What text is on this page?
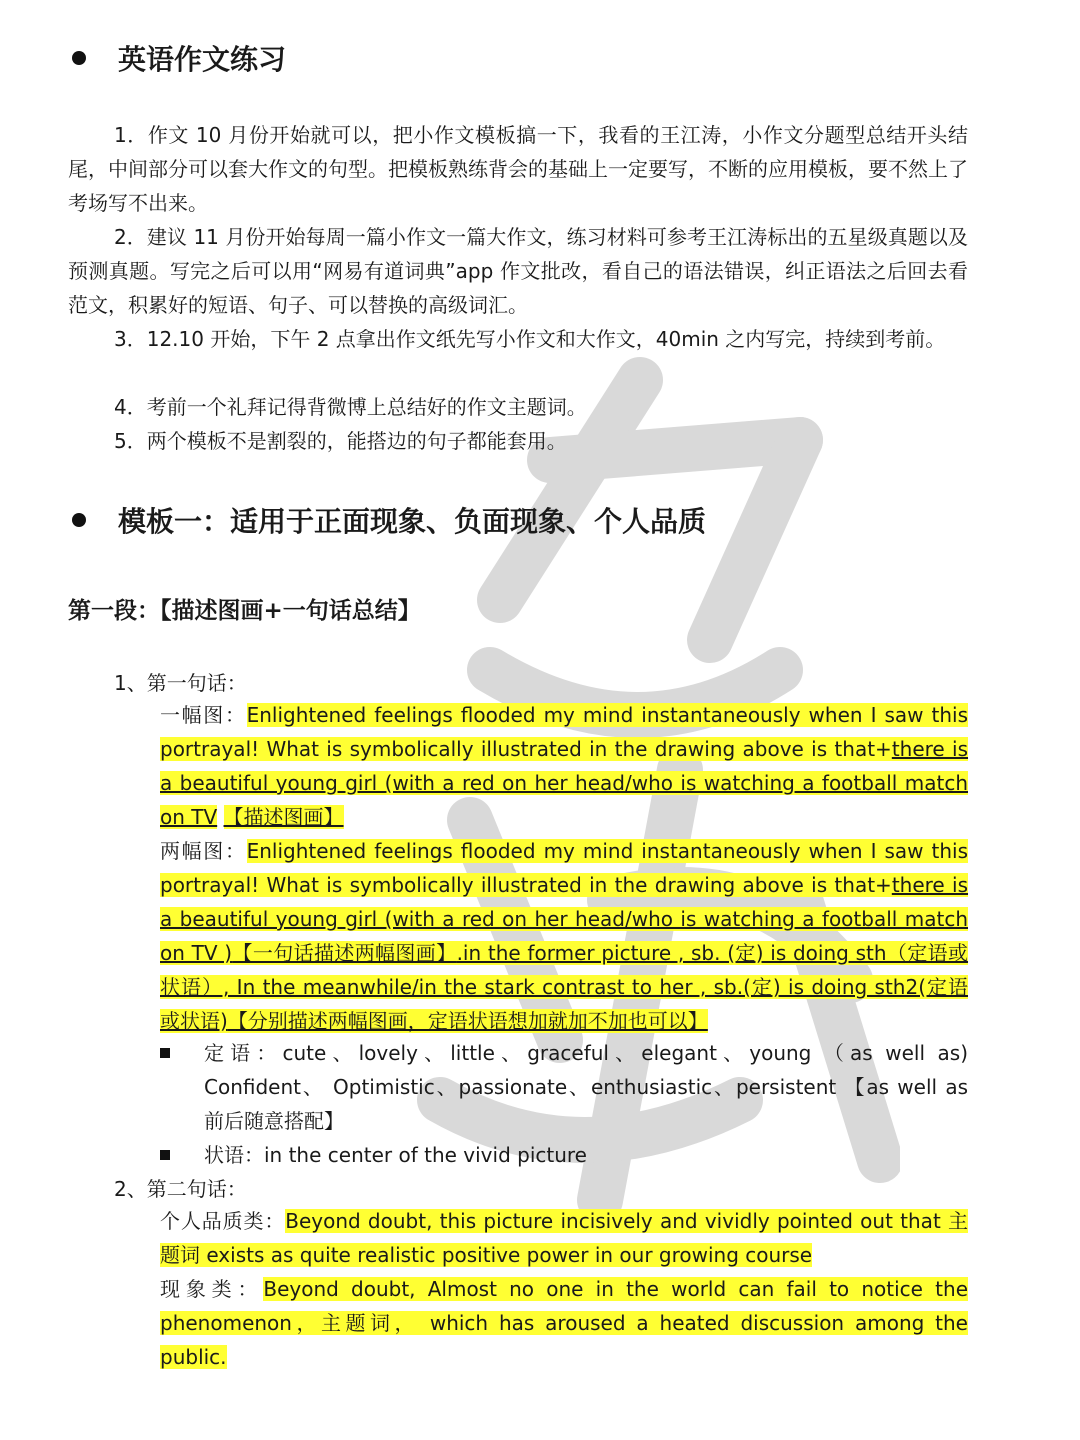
英语作文练习
1．作文 10 月份开始就可以，把小作文模板搞一下，我看的王江涛，小作文分题型总结开头结尾，中间部分可以套大作文的句型。把模板熟练背会的基础上一定要写，不断的应用模板，要不然上了考场写不出来。
2．建议 11 月份开始每周一篇小作文一篇大作文，练习材料可参考王江涛标出的五星级真题以及预测真题。写完之后可以用“网易有道词典”app 作文批改，看自己的语法错误，纠正语法之后回去看范文，积累好的短语、句子、可以替换的高级词汇。
3．12.10 开始，下午 2 点拿出作文纸先写小作文和大作文，40min 之内写完，持续到考前。
4．考前一个礼拜记得背微博上总结好的作文主题词。
5．两个模板不是割裂的，能搭边的句子都能套用。
模板一：适用于正面现象、负面现象、个人品质
第一段：【描述图画+一句话总结】
1、第一句话：
一幅图：Enlightened feelings flooded my mind instantaneously when I saw this portrayal! What is symbolically illustrated in the drawing above is that+there is a beautiful young girl (with a red on her head/who is watching a football match on TV 【描述图画】
两幅图：Enlightened feelings flooded my mind instantaneously when I saw this portrayal! What is symbolically illustrated in the drawing above is that+there is a beautiful young girl (with a red on her head/who is watching a football match on TV )【一句话描述两幅图画】.in the former picture , sb. (定) is doing sth（定语或状语）, In the meanwhile/in the stark contrast to her , sb.(定) is doing sth2(定语或状语)【分别描述两幅图画，定语状语想加就加不加也可以】
定语：cute、lovely、little、graceful、elegant、young （as well as) Confident、 Optimistic、passionate、enthusiastic、persistent 【as well as 前后随意搭配】
状语：in the center of the vivid picture
2、第二句话：
个人品质类：Beyond doubt, this picture incisively and vividly pointed out that 主题词 exists as quite realistic positive power in our growing course
现象类：Beyond doubt, Almost no one in the world can fail to notice the phenomenon，主题词， which has aroused a heated discussion among the public.
